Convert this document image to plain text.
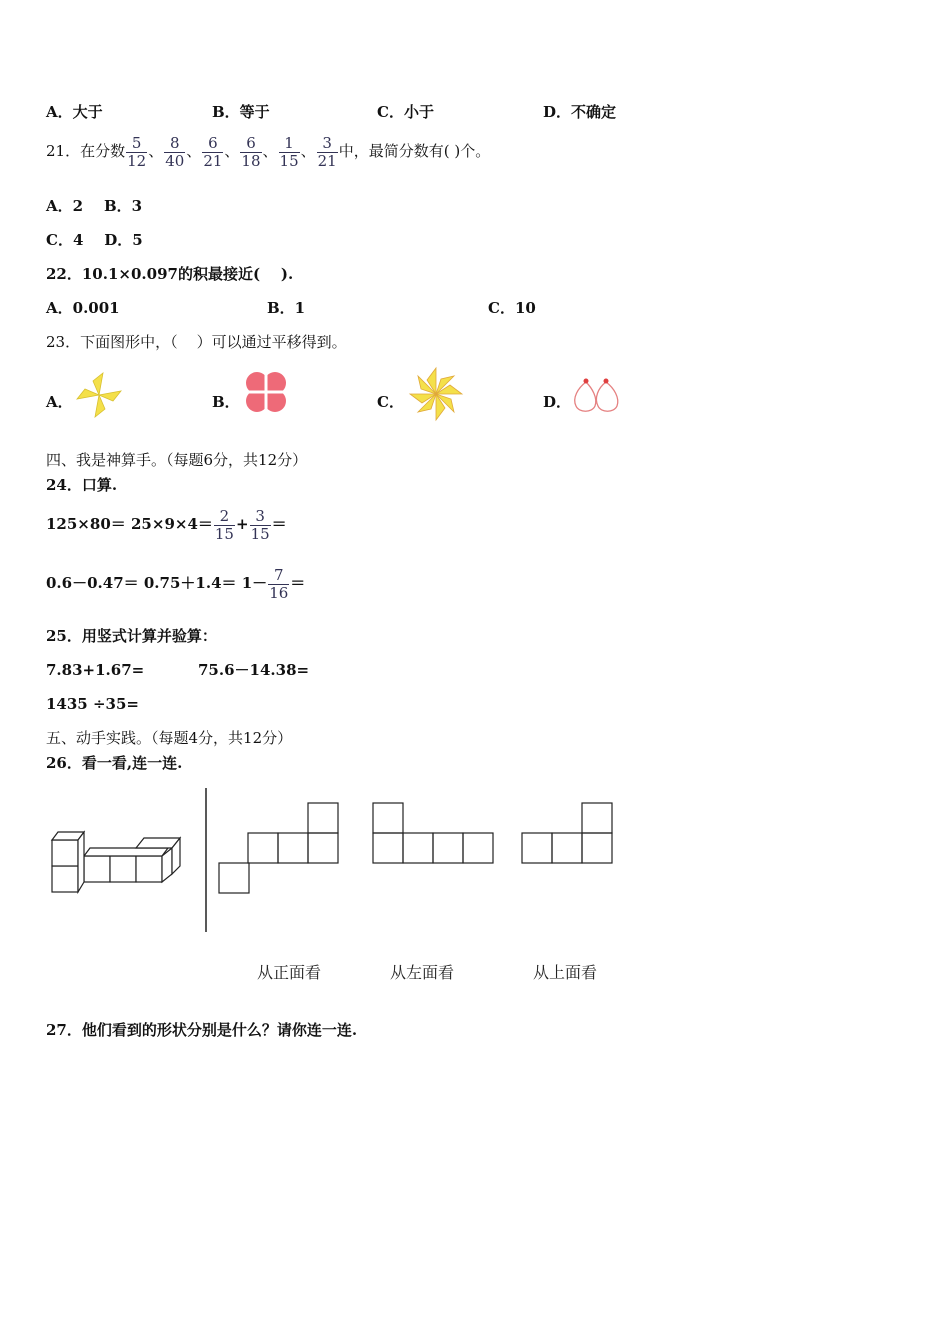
A．大于	B．等于	C．小于	D．不确定
21．在分数 $\frac{5}{12}$ 、 $\frac{8}{40}$ 、 $\frac{6}{21}$ 、 $\frac{6}{18}$ 、 $\frac{1}{15}$ 、 $\frac{3}{21}$ 中，最简分数有( )个。
A．2    B．3
C．4    D．5
22．10.1×0.097的积最接近(    ).
A．0.001	B．1	C．10
23．下面图形中，（    ）可以通过平移得到。
A．	B．	C．	D．
四、我是神算手。（每题6分，共12分）
24．口算.
$125\times 80= 25\times 9\times 4= \frac{2}{15} + \frac{3}{15}$ ＝
$0.6-0.47= 0.75+1.4= 1- \frac{7}{16}$ ＝
25．用竖式计算并验算：
7.83+1.67=	75.6－14.38=
1435 ÷35=
五、动手实践。（每题4分，共12分）
26．看一看,连一连.
从正面看	从左面看	从上面看
27．他们看到的形状分别是什么？请你连一连.
